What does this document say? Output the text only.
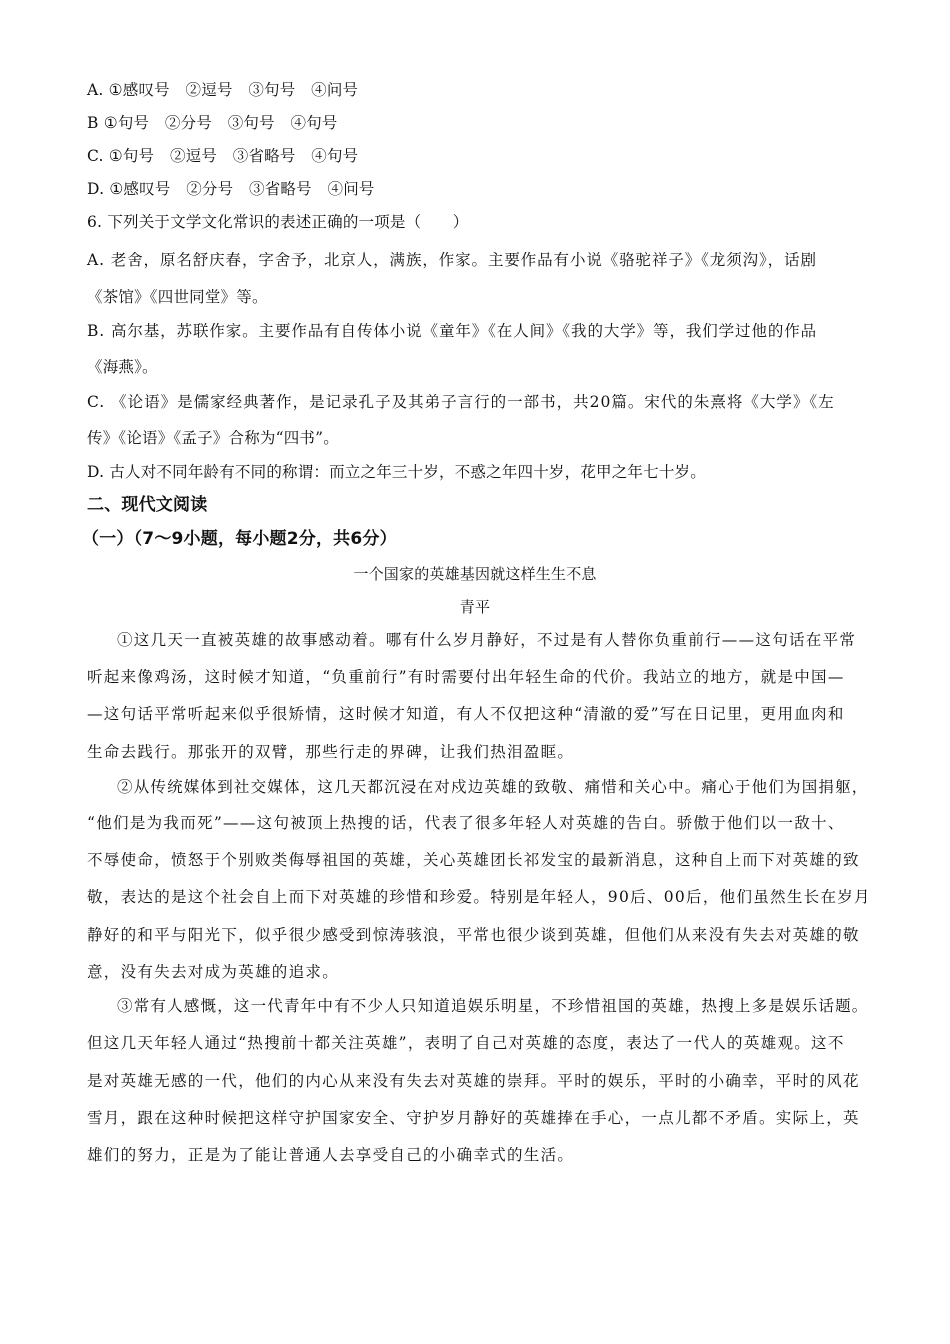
A. ①感叹号　②逗号　③句号　④问号
B ①句号　②分号　③句号　④句号
C. ①句号　②逗号　③省略号　④句号
D. ①感叹号　②分号　③省略号　④问号
6. 下列关于文学文化常识的表述正确的一项是（　　）
A. 老舍，原名舒庆春，字舍予，北京人，满族，作家。主要作品有小说《骆驼祥子》《龙须沟》，话剧
《茶馆》《四世同堂》等。
B. 高尔基，苏联作家。主要作品有自传体小说《童年》《在人间》《我的大学》等，我们学过他的作品
《海燕》。
C. 《论语》是儒家经典著作，是记录孔子及其弟子言行的一部书，共20篇。宋代的朱熹将《大学》《左
传》《论语》《孟子》合称为“四书”。
D. 古人对不同年龄有不同的称谓：而立之年三十岁，不惑之年四十岁，花甲之年七十岁。
二、现代文阅读
（一）（7～9小题，每小题2分，共6分）
一个国家的英雄基因就这样生生不息
青平
①这几天一直被英雄的故事感动着。哪有什么岁月静好，不过是有人替你负重前行——这句话在平常
听起来像鸡汤，这时候才知道，“负重前行”有时需要付出年轻生命的代价。我站立的地方，就是中国—
—这句话平常听起来似乎很矫情，这时候才知道，有人不仅把这种“清澈的爱”写在日记里，更用血肉和
生命去践行。那张开的双臂，那些行走的界碑，让我们热泪盈眶。
②从传统媒体到社交媒体，这几天都沉浸在对戍边英雄的致敬、痛惜和关心中。痛心于他们为国捐躯，
“他们是为我而死”——这句被顶上热搜的话，代表了很多年轻人对英雄的告白。骄傲于他们以一敌十、
不辱使命，愤怒于个别败类侮辱祖国的英雄，关心英雄团长祁发宝的最新消息，这种自上而下对英雄的致
敬，表达的是这个社会自上而下对英雄的珍惜和珍爱。特别是年轻人，90后、00后，他们虽然生长在岁月
静好的和平与阳光下，似乎很少感受到惊涛骇浪，平常也很少谈到英雄，但他们从来没有失去对英雄的敬
意，没有失去对成为英雄的追求。
③常有人感慨，这一代青年中有不少人只知道追娱乐明星，不珍惜祖国的英雄，热搜上多是娱乐话题。
但这几天年轻人通过“热搜前十都关注英雄”，表明了自己对英雄的态度，表达了一代人的英雄观。这不
是对英雄无感的一代，他们的内心从来没有失去对英雄的崇拜。平时的娱乐，平时的小确幸，平时的风花
雪月，跟在这种时候把这样守护国家安全、守护岁月静好的英雄捧在手心，一点儿都不矛盾。实际上，英
雄们的努力，正是为了能让普通人去享受自己的小确幸式的生活。
